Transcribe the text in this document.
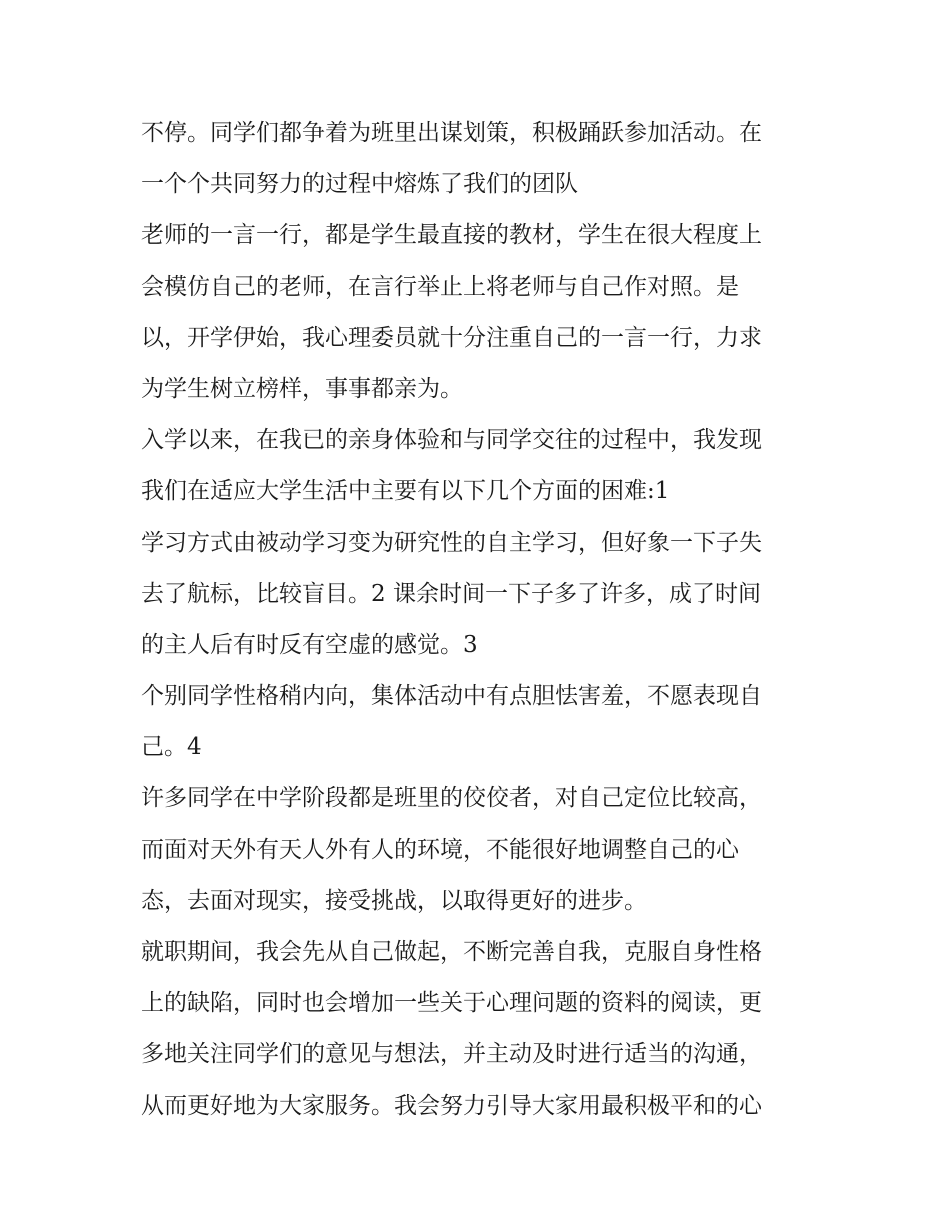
不停。同学们都争着为班里出谋划策，积极踊跃参加活动。在
一个个共同努力的过程中熔炼了我们的团队
老师的一言一行，都是学生最直接的教材，学生在很大程度上
会模仿自己的老师，在言行举止上将老师与自己作对照。是
以，开学伊始，我心理委员就十分注重自己的一言一行，力求
为学生树立榜样，事事都亲为。
入学以来，在我已的亲身体验和与同学交往的过程中，我发现
我们在适应大学生活中主要有以下几个方面的困难:1
学习方式由被动学习变为研究性的自主学习，但好象一下子失
去了航标，比较盲目。2 课余时间一下子多了许多，成了时间
的主人后有时反有空虚的感觉。3
个别同学性格稍内向，集体活动中有点胆怯害羞，不愿表现自
己。4
许多同学在中学阶段都是班里的佼佼者，对自己定位比较高，
而面对天外有天人外有人的环境，不能很好地调整自己的心
态，去面对现实，接受挑战，以取得更好的进步。
就职期间，我会先从自己做起，不断完善自我，克服自身性格
上的缺陷，同时也会增加一些关于心理问题的资料的阅读，更
多地关注同学们的意见与想法，并主动及时进行适当的沟通，
从而更好地为大家服务。我会努力引导大家用最积极平和的心
